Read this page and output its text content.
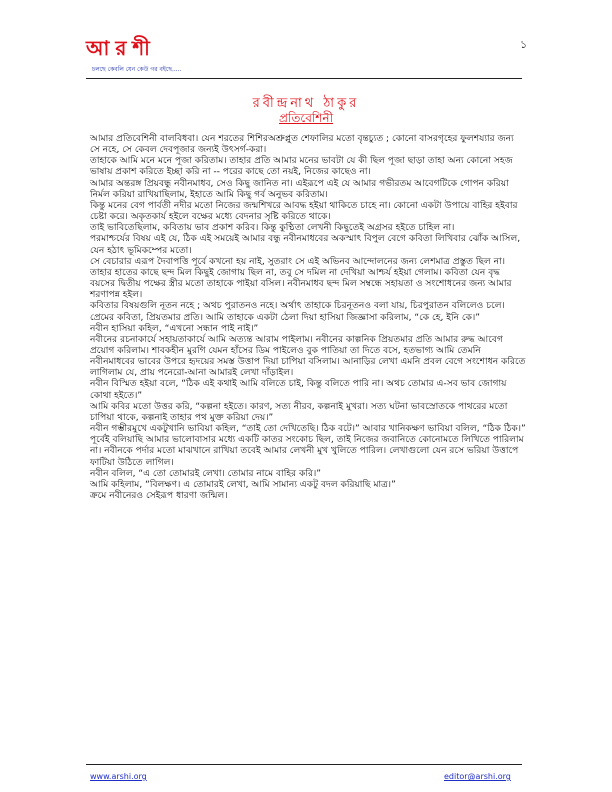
আরশী
চলছে কেবলি যেন কেউ গর বইছে.....
১
রবীন্দ্রনাথ ঠাকুর
প্রতিবেশিনী

আমার প্রতিবেশিনী বালবিধবা। যেন শরতের শিশিরঅশ্রুপ্লুত শেফালির মতো বৃন্তচ্যুত ; কোনো বাসরগৃহের ফুলশয্যার জন্য সে নহে, সে কেবল দেবপূজার জন্যই উৎসর্গ-করা।

তাহাকে আমি মনে মনে পূজা করিতাম। তাহার প্রতি আমার মনের ভাবটা যে কী ছিল পূজা ছাড়া তাহা অন্য কোনো সহজ ভাষায় প্রকাশ করিতে ইচ্ছা করি না -- পরের কাছে তো নয়ই, নিজের কাছেও না।

আমার অন্তরঙ্গ প্রিয়বন্ধু নবীনমাধব, সেও কিছু জানিত না। এইরূপে এই যে আমার গভীরতম আবেগটিকে গোপন করিয়া নির্মল করিয়া রাখিয়াছিলাম, ইহাতে আমি কিছু গর্ব অনুভব করিতাম।

কিন্তু মনের বেগ পার্বতী নদীর মতো নিজের জন্মশিখরে আবদ্ধ হইয়া থাকিতে চাহে না। কোনো একটা উপায়ে বাহির হইবার চেষ্টা করে। অকৃতকার্য হইলে বক্ষের মধ্যে বেদনার সৃষ্টি করিতে থাকে।

তাই ভাবিতেছিলাম, কবিতায় ভাব প্রকাশ করিব। কিন্তু কুণ্ঠিতা লেখনী কিছুতেই অগ্রসর হইতে চাহিল না।

পরমাশ্চর্যের বিষয় এই যে, ঠিক এই সময়েই আমার বন্ধু নবীনমাধবের অকস্মাৎ বিপুল বেগে কবিতা লিখিবার ঝোঁক আসিল, যেন হঠাৎ ভূমিকম্পের মতো।

সে বেচারার এরূপ দৈবাপত্তি পূর্বে কখনো হয় নাই, সুতরাং সে এই অভিনব আন্দোলনের জন্য লেশমাত্র প্রস্তুত ছিল না। তাহার হাতের কাছে ছন্দ মিল কিছুই জোগায় ছিল না, তবু সে দমিল না দেখিয়া আশ্চর্য হইয়া গেলাম। কবিতা যেন বৃদ্ধ বয়সের দ্বিতীয় পক্ষের স্ত্রীর মতো তাহাকে পাইয়া বসিল। নবীনমাধব ছন্দ মিল সম্বন্ধে সহায়তা ও সংশোধনের জন্য আমার শরণাপন্ন হইল।

কবিতার বিষয়গুলি নূতন নহে ; অথচ পুরাতনও নহে। অর্থাৎ তাহাকে চিরনূতনও বলা যায়, চিরপুরাতন বলিলেও চলে। প্রেমের কবিতা, প্রিয়তমার প্রতি। আমি তাহাকে একটা ঠেলা দিয়া হাসিয়া জিজ্ঞাসা করিলাম, “কে হে, ইনি কে।”

নবীন হাসিয়া কহিল, “এখনো সন্ধান পাই নাই।”

নবীনের রচনাকার্যে সহায়তাকার্যে আমি অত্যন্ত আরাম পাইলাম। নবীনের কাল্পনিক প্রিয়তমার প্রতি আমার রুদ্ধ আবেগ প্রয়োগ করিলাম। শাবকহীন মুরগি যেমন হাঁসের ডিম পাইলেও বুক পাতিয়া তা দিতে বসে, হতভাগ্য আমি তেমনি নবীনমাধবের ভাবের উপরে হৃদয়ের সমস্ত উত্তাপ দিয়া চাপিয়া বসিলাম। আনাড়ির লেখা এমনি প্রবল বেগে সংশোধন করিতে লাগিলাম যে, প্রায় পনেরো-আনা আমারই লেখা দাঁড়াইল।

নবীন বিস্মিত হইয়া বলে, “ঠিক এই কথাই আমি বলিতে চাই, কিন্তু বলিতে পারি না। অথচ তোমার এ-সব ভাব জোগায় কোথা হইতে।”

আমি কবির মতো উত্তর করি, “কল্পনা হইতে। কারণ, সত্য নীরব, কল্পনাই মুখরা। সত্য ঘটনা ভাবস্রোতকে পাথরের মতো চাপিয়া থাকে, কল্পনাই তাহার পথ মুক্ত করিয়া দেয়।”

নবীন গম্ভীরমুখে একটুখানি ভাবিয়া কহিল, “তাই তো দেখিতেছি। ঠিক বটে।” আবার খানিকক্ষণ ভাবিয়া বলিল, “ঠিক ঠিক।”

পূর্বেই বলিয়াছি আমার ভালোবাসার মধ্যে একটি কাতর সংকোচ ছিল, তাই নিজের জবানিতে কোনোমতে লিখিতে পারিলাম না। নবীনকে পর্দার মতো মাঝখানে রাখিয়া তবেই আমার লেখনী মুখ খুলিতে পারিল। লেখাগুলো যেন রসে ভরিয়া উত্তাপে ফাটিয়া উঠিতে লাগিল।

নবীন বলিল, “এ তো তোমারই লেখা। তোমার নামে বাহির করি।”

আমি কহিলাম, “বিলক্ষণ। এ তোমারই লেখা, আমি সামান্য একটু বদল করিয়াছি মাত্র।”

ক্রমে নবীনেরও সেইরূপ ধারণা জন্মিল।

www.arshi.org	editor@arshi.org
